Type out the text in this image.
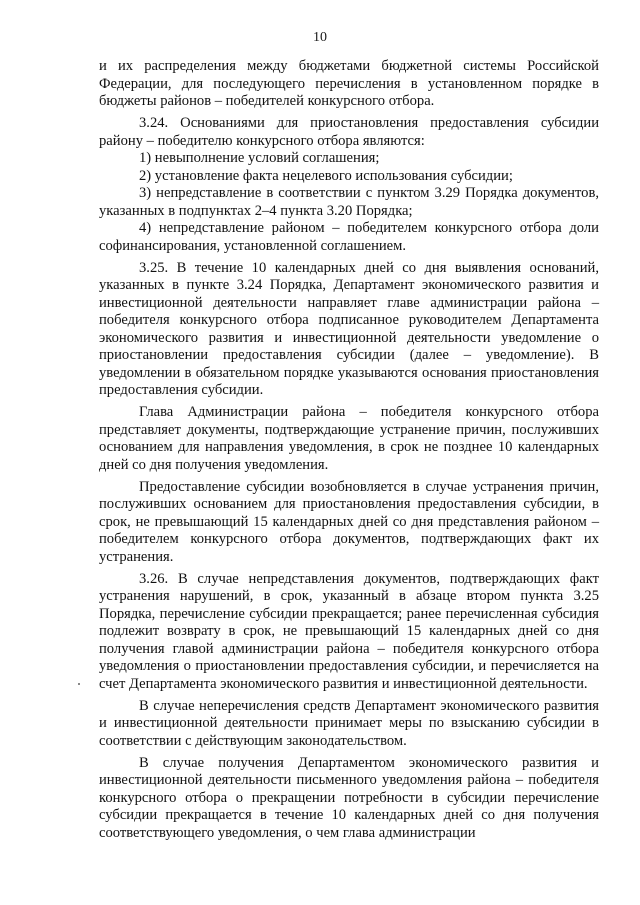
10

и их распределения между бюджетами бюджетной системы Российской Федерации, для последующего перечисления в установленном порядке в бюджеты районов – победителей конкурсного отбора.

3.24. Основаниями для приостановления предоставления субсидии району – победителю конкурсного отбора являются:

1) невыполнение условий соглашения;

2) установление факта нецелевого использования субсидии;

3) непредставление в соответствии с пунктом 3.29 Порядка документов, указанных в подпунктах 2–4 пункта 3.20 Порядка;

4) непредставление районом – победителем конкурсного отбора доли софинансирования, установленной соглашением.

3.25. В течение 10 календарных дней со дня выявления оснований, указанных в пункте 3.24 Порядка, Департамент экономического развития и инвестиционной деятельности направляет главе администрации района – победителя конкурсного отбора подписанное руководителем Департамента экономического развития и инвестиционной деятельности уведомление о приостановлении предоставления субсидии (далее – уведомление). В уведомлении в обязательном порядке указываются основания приостановления предоставления субсидии.

Глава Администрации района – победителя конкурсного отбора представляет документы, подтверждающие устранение причин, послуживших основанием для направления уведомления, в срок не позднее 10 календарных дней со дня получения уведомления.

Предоставление субсидии возобновляется в случае устранения причин, послуживших основанием для приостановления предоставления субсидии, в срок, не превышающий 15 календарных дней со дня представления районом – победителем конкурсного отбора документов, подтверждающих факт их устранения.

3.26. В случае непредставления документов, подтверждающих факт устранения нарушений, в срок, указанный в абзаце втором пункта 3.25 Порядка, перечисление субсидии прекращается; ранее перечисленная субсидия подлежит возврату в срок, не превышающий 15 календарных дней со дня получения главой администрации района – победителя конкурсного отбора уведомления о приостановлении предоставления субсидии, и перечисляется на счет Департамента экономического развития и инвестиционной деятельности.

В случае неперечисления средств Департамент экономического развития и инвестиционной деятельности принимает меры по взысканию субсидии в соответствии с действующим законодательством.

В случае получения Департаментом экономического развития и инвестиционной деятельности письменного уведомления района – победителя конкурсного отбора о прекращении потребности в субсидии перечисление субсидии прекращается в течение 10 календарных дней со дня получения соответствующего уведомления, о чем глава администрации
